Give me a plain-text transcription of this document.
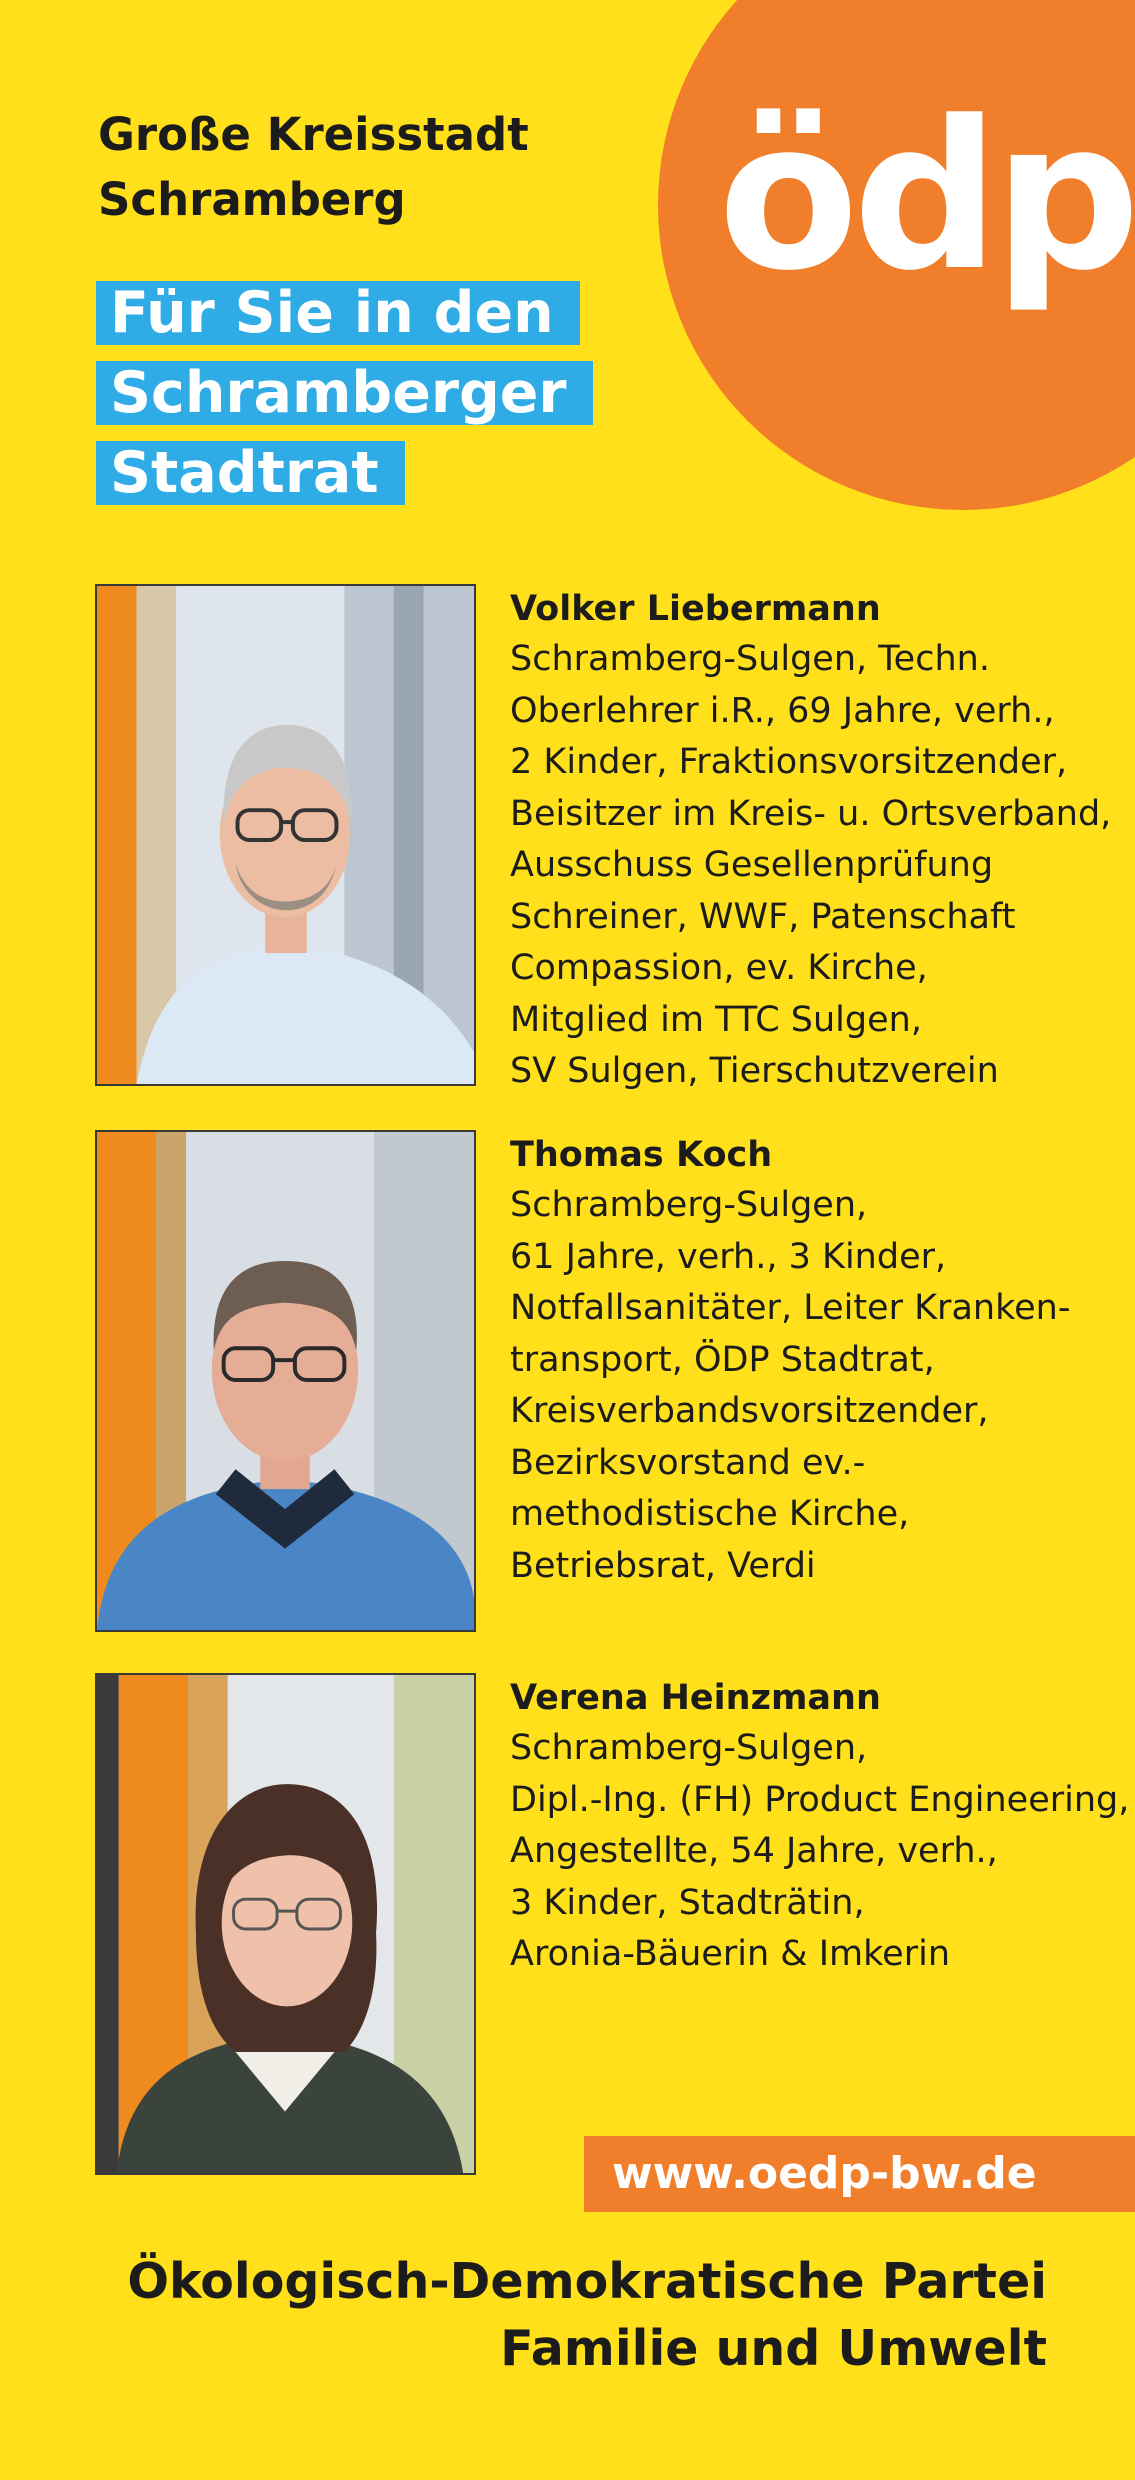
ödp
Große Kreisstadt
Schramberg
Für Sie in den
Schramberger
Stadtrat
Volker Liebermann
Schramberg-Sulgen, Techn.
Oberlehrer i.R., 69 Jahre, verh.,
2 Kinder, Fraktionsvorsitzender,
Beisitzer im Kreis- u. Ortsverband,
Ausschuss Gesellenprüfung
Schreiner, WWF, Patenschaft
Compassion, ev. Kirche,
Mitglied im TTC Sulgen,
SV Sulgen, Tierschutzverein
Thomas Koch
Schramberg-Sulgen,
61 Jahre, verh., 3 Kinder,
Notfallsanitäter, Leiter Kranken-
transport, ÖDP Stadtrat,
Kreisverbandsvorsitzender,
Bezirksvorstand ev.-
methodistische Kirche,
Betriebsrat, Verdi
Verena Heinzmann
Schramberg-Sulgen,
Dipl.-Ing. (FH) Product Engineering,
Angestellte, 54 Jahre, verh.,
3 Kinder, Stadträtin,
Aronia-Bäuerin & Imkerin
www.oedp-bw.de
Ökologisch-Demokratische Partei
Familie und Umwelt
